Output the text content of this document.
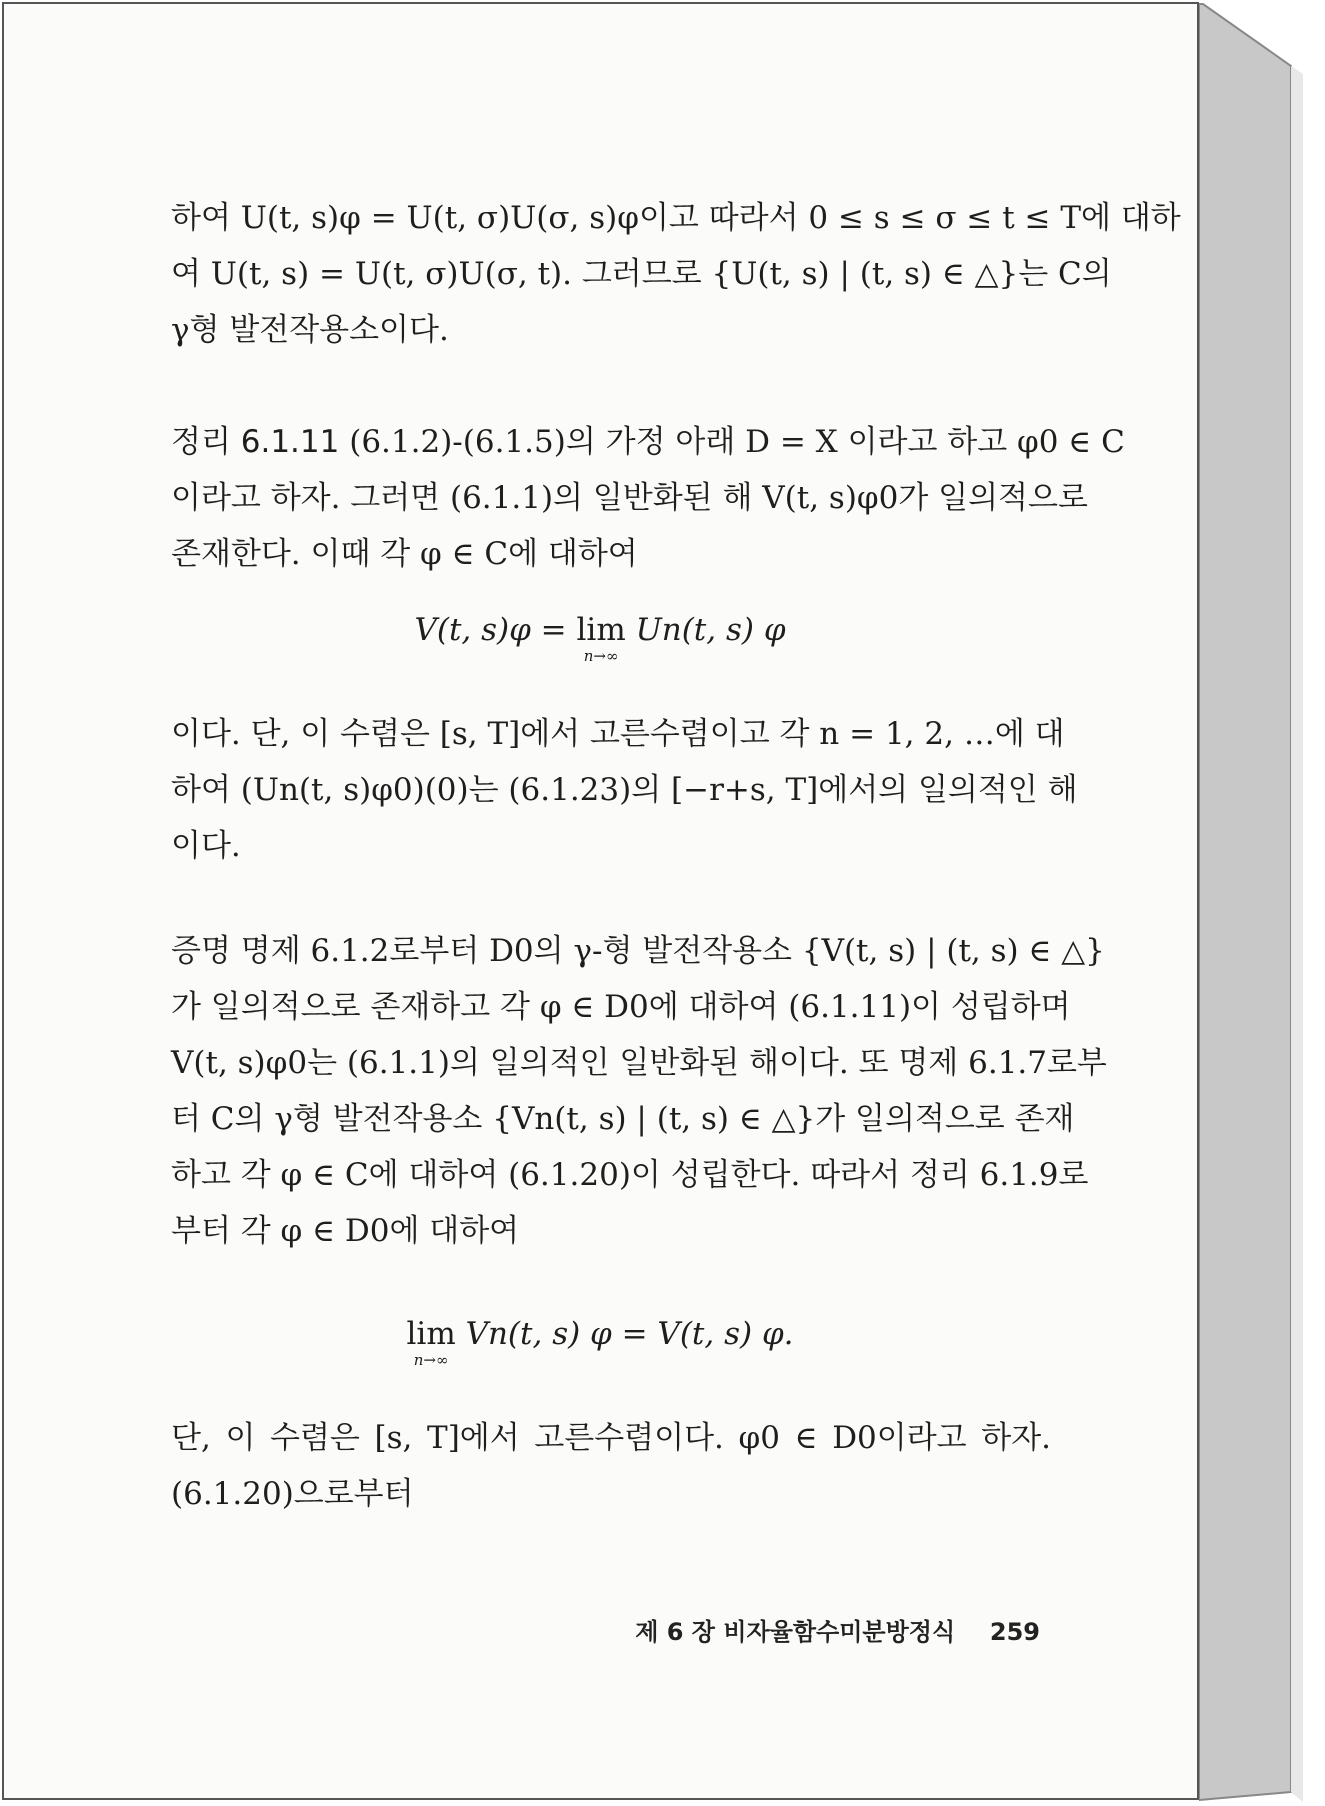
하여 U(t, s)φ = U(t, σ)U(σ, s)φ이고 따라서 0 ≤ s ≤ σ ≤ t ≤ T에 대하
여 U(t, s) = U(t, σ)U(σ, t). 그러므로 {U(t, s) | (t, s) ∈ △}는 C의
γ형 발전작용소이다.
정리 6.1.11 (6.1.2)-(6.1.5)의 가정 아래 D = X 이라고 하고 φ0 ∈ C
이라고 하자. 그러면 (6.1.1)의 일반화된 해 V(t, s)φ0가 일의적으로
존재한다. 이때 각 φ ∈ C에 대하여
V(t, s)φ = lim
n→∞
Un(t, s) φ
이다. 단, 이 수렴은 [s, T]에서 고른수렴이고 각 n = 1, 2, …에 대
하여 (Un(t, s)φ0)(0)는 (6.1.23)의 [−r+s, T]에서의 일의적인 해
이다.
증명 명제 6.1.2로부터 D0의 γ-형 발전작용소 {V(t, s) | (t, s) ∈ △}
가 일의적으로 존재하고 각 φ ∈ D0에 대하여 (6.1.11)이 성립하며
V(t, s)φ0는 (6.1.1)의 일의적인 일반화된 해이다. 또 명제 6.1.7로부
터 C의 γ형 발전작용소 {Vn(t, s) | (t, s) ∈ △}가 일의적으로 존재
하고 각 φ ∈ C에 대하여 (6.1.20)이 성립한다. 따라서 정리 6.1.9로
부터 각 φ ∈ D0에 대하여
lim
n→∞
Vn(t, s) φ = V(t, s) φ.
단, 이 수렴은 [s, T]에서 고른수렴이다. φ0 ∈ D0이라고 하자.
(6.1.20)으로부터
제 6 장 비자율함수미분방정식 259
